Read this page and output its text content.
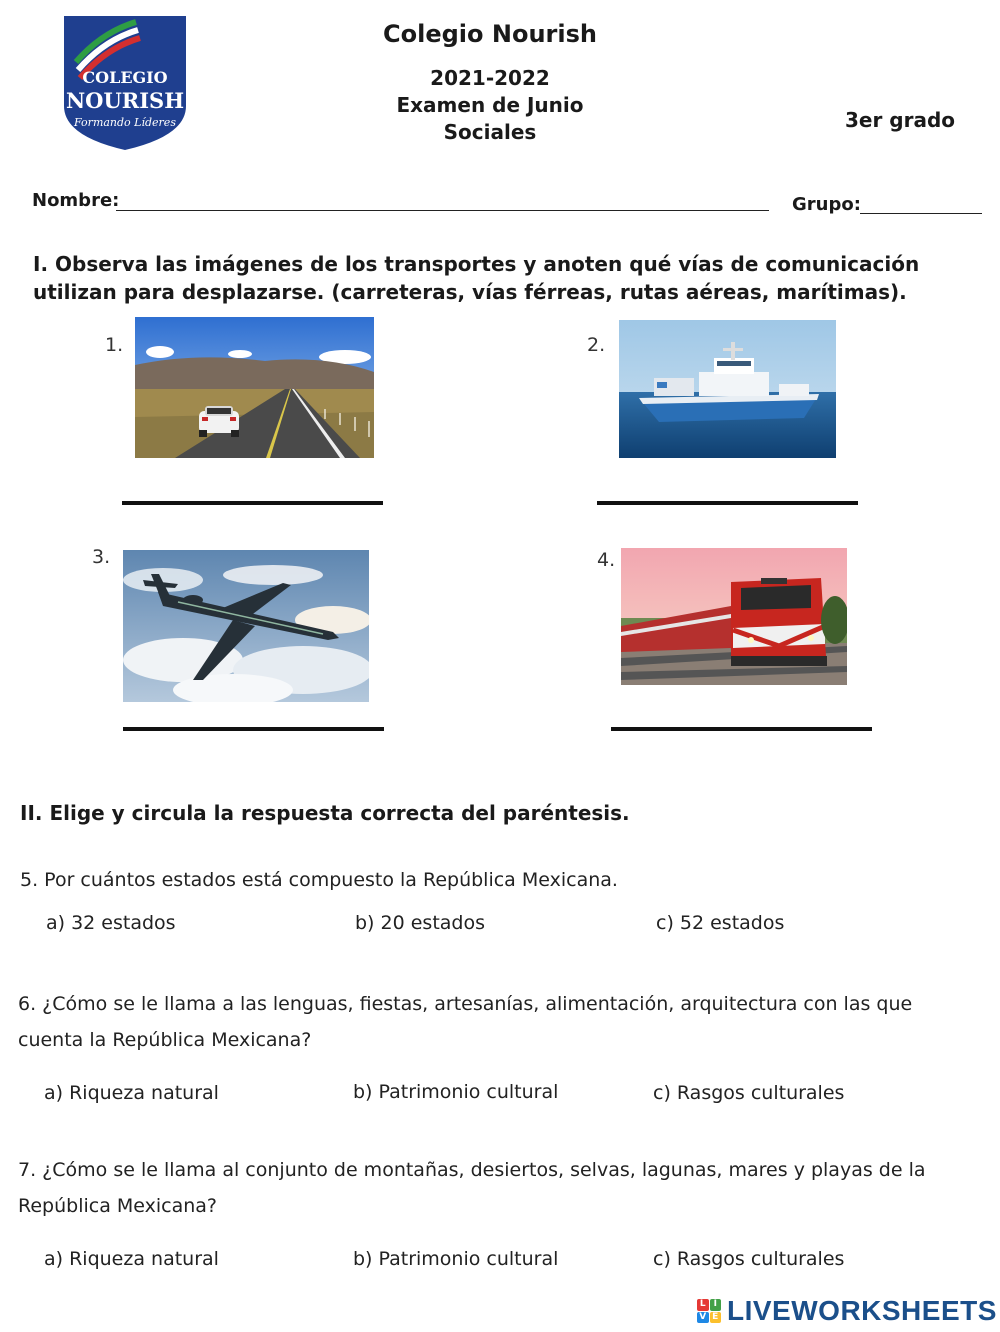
COLEGIO
NOURISH
Formando Líderes
Colegio Nourish
2021-2022
Examen de Junio
Sociales	3er grado
Nombre:	Grupo:
I. Observa las imágenes de los transportes y anoten qué vías de comunicación
utilizan para desplazarse. (carreteras, vías férreas, rutas aéreas, marítimas).
1.	2.
3.	4.
II. Elige y circula la respuesta correcta del paréntesis.
5. Por cuántos estados está compuesto la República Mexicana.
a) 32 estados	b) 20 estados	c) 52 estados
6. ¿Cómo se le llama a las lenguas, fiestas, artesanías, alimentación, arquitectura con las que
cuenta la República Mexicana?
a) Riqueza natural	b) Patrimonio cultural	c) Rasgos culturales
7. ¿Cómo se le llama al conjunto de montañas, desiertos, selvas, lagunas, mares y playas de la
República Mexicana?
a) Riqueza natural	b) Patrimonio cultural	c) Rasgos culturales
L I
V E LIVEWORKSHEETS
